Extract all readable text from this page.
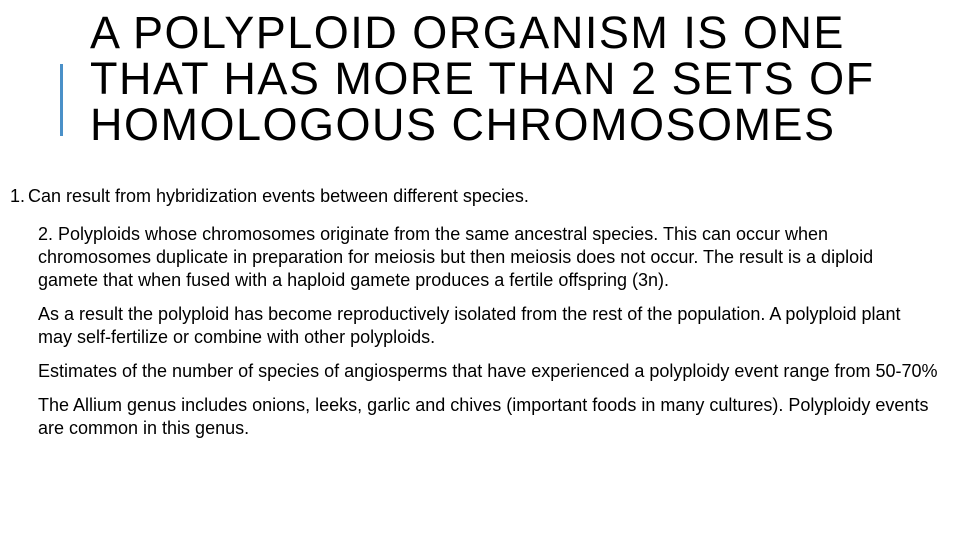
A POLYPLOID ORGANISM IS ONE THAT HAS MORE THAN 2 SETS OF HOMOLOGOUS CHROMOSOMES
1. Can result from hybridization events between different species.

2. Polyploids whose chromosomes originate from the same ancestral species. This can occur when chromosomes duplicate in preparation for meiosis but then meiosis does not occur. The result is a diploid gamete that when fused with a haploid gamete produces a fertile offspring (3n).

As a result the polyploid has become reproductively isolated from the rest of the population. A polyploid plant may self-fertilize or combine with other polyploids.

Estimates of the number of species of angiosperms that have experienced a polyploidy event range from 50-70%

The Allium genus includes onions, leeks, garlic and chives (important foods in many cultures). Polyploidy events are common in this genus.
